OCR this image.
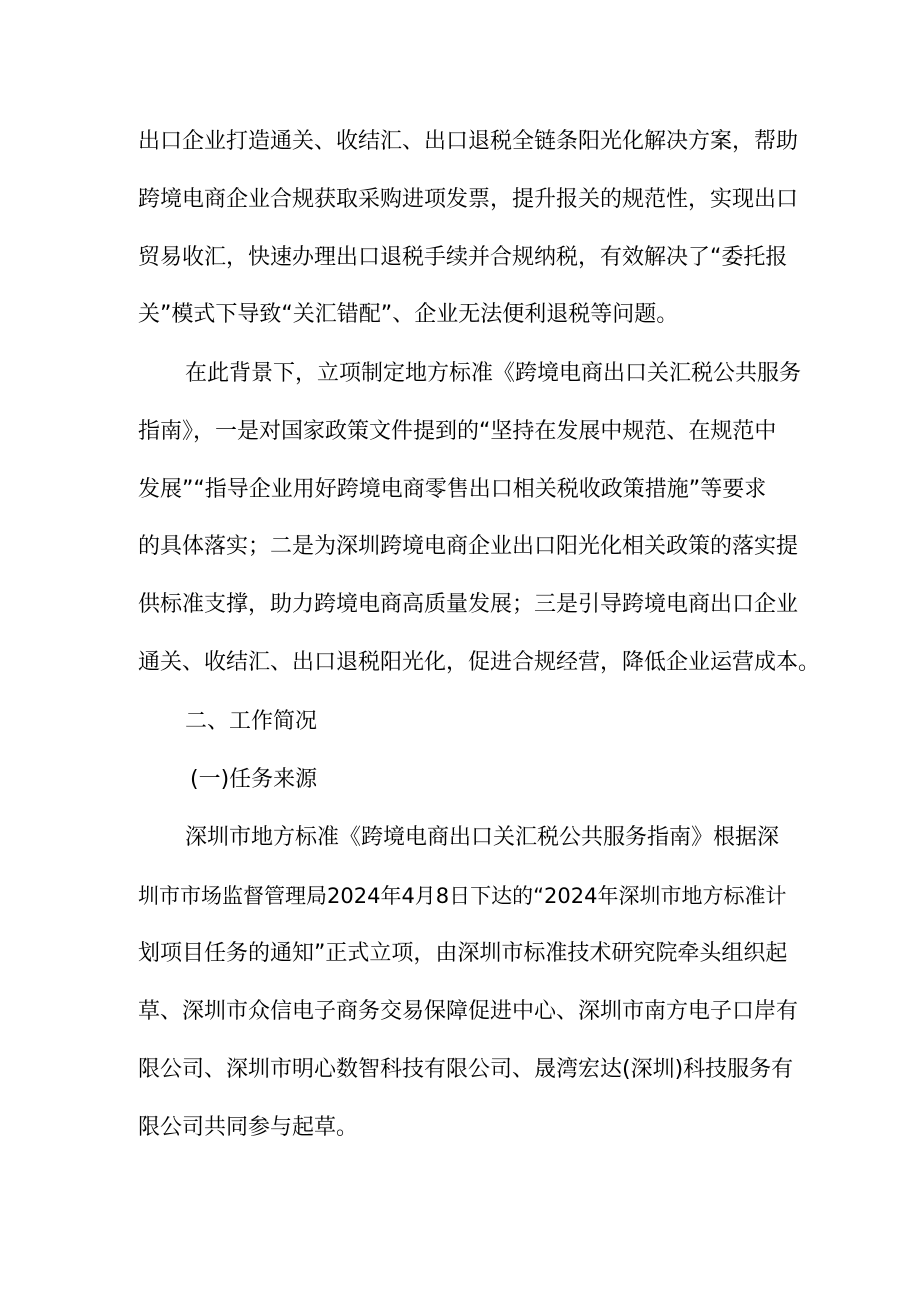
出口企业打造通关、收结汇、出口退税全链条阳光化解决方案，帮助
跨境电商企业合规获取采购进项发票，提升报关的规范性，实现出口
贸易收汇，快速办理出口退税手续并合规纳税，有效解决了“委托报
关”模式下导致“关汇错配”、企业无法便利退税等问题。
在此背景下，立项制定地方标准《跨境电商出口关汇税公共服务
指南》，一是对国家政策文件提到的“坚持在发展中规范、在规范中
发展”“指导企业用好跨境电商零售出口相关税收政策措施”等要求
的具体落实；二是为深圳跨境电商企业出口阳光化相关政策的落实提
供标准支撑，助力跨境电商高质量发展；三是引导跨境电商出口企业
通关、收结汇、出口退税阳光化，促进合规经营，降低企业运营成本。
二、工作简况
(一)任务来源
深圳市地方标准《跨境电商出口关汇税公共服务指南》根据深
圳市市场监督管理局2024年4月8日下达的“2024年深圳市地方标准计
划项目任务的通知”正式立项，由深圳市标准技术研究院牵头组织起
草、深圳市众信电子商务交易保障促进中心、深圳市南方电子口岸有
限公司、深圳市明心数智科技有限公司、晟湾宏达(深圳)科技服务有
限公司共同参与起草。
